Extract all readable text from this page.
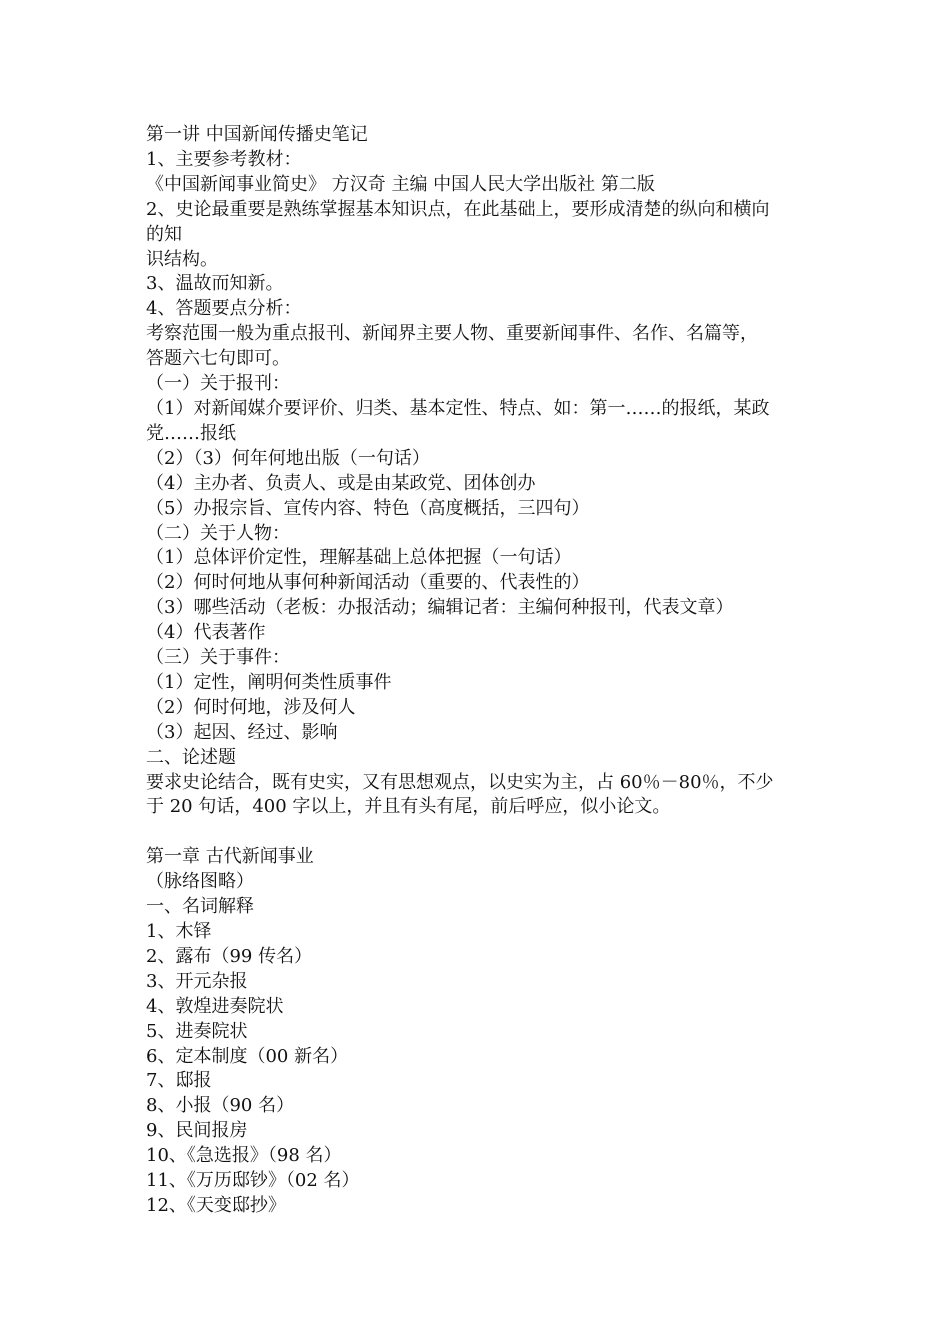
第一讲 中国新闻传播史笔记

1、主要参考教材：

《中国新闻事业简史》 方汉奇 主编 中国人民大学出版社 第二版

2、史论最重要是熟练掌握基本知识点，在此基础上，要形成清楚的纵向和横向

的知

识结构。

3、温故而知新。

4、答题要点分析：

考察范围一般为重点报刊、新闻界主要人物、重要新闻事件、名作、名篇等，

答题六七句即可。

（一）关于报刊：

（1）对新闻媒介要评价、归类、基本定性、特点、如：第一……的报纸，某政

党……报纸

（2）（3）何年何地出版（一句话）

（4）主办者、负责人、或是由某政党、团体创办

（5）办报宗旨、宣传内容、特色（高度概括，三四句）

（二）关于人物：

（1）总体评价定性，理解基础上总体把握（一句话）

（2）何时何地从事何种新闻活动（重要的、代表性的）

（3）哪些活动（老板：办报活动；编辑记者：主编何种报刊，代表文章）

（4）代表著作

（三）关于事件：

（1）定性，阐明何类性质事件

（2）何时何地，涉及何人

（3）起因、经过、影响

二、论述题

要求史论结合，既有史实，又有思想观点，以史实为主，占 60％－80％，不少

于 20 句话，400 字以上，并且有头有尾，前后呼应，似小论文。

第一章 古代新闻事业

（脉络图略）

一、名词解释

1、木铎

2、露布（99 传名）

3、开元杂报

4、敦煌进奏院状

5、进奏院状

6、定本制度（00 新名）

7、邸报

8、小报（90 名）

9、民间报房

10、《急选报》（98 名）

11、《万历邸钞》（02 名）

12、《天变邸抄》
